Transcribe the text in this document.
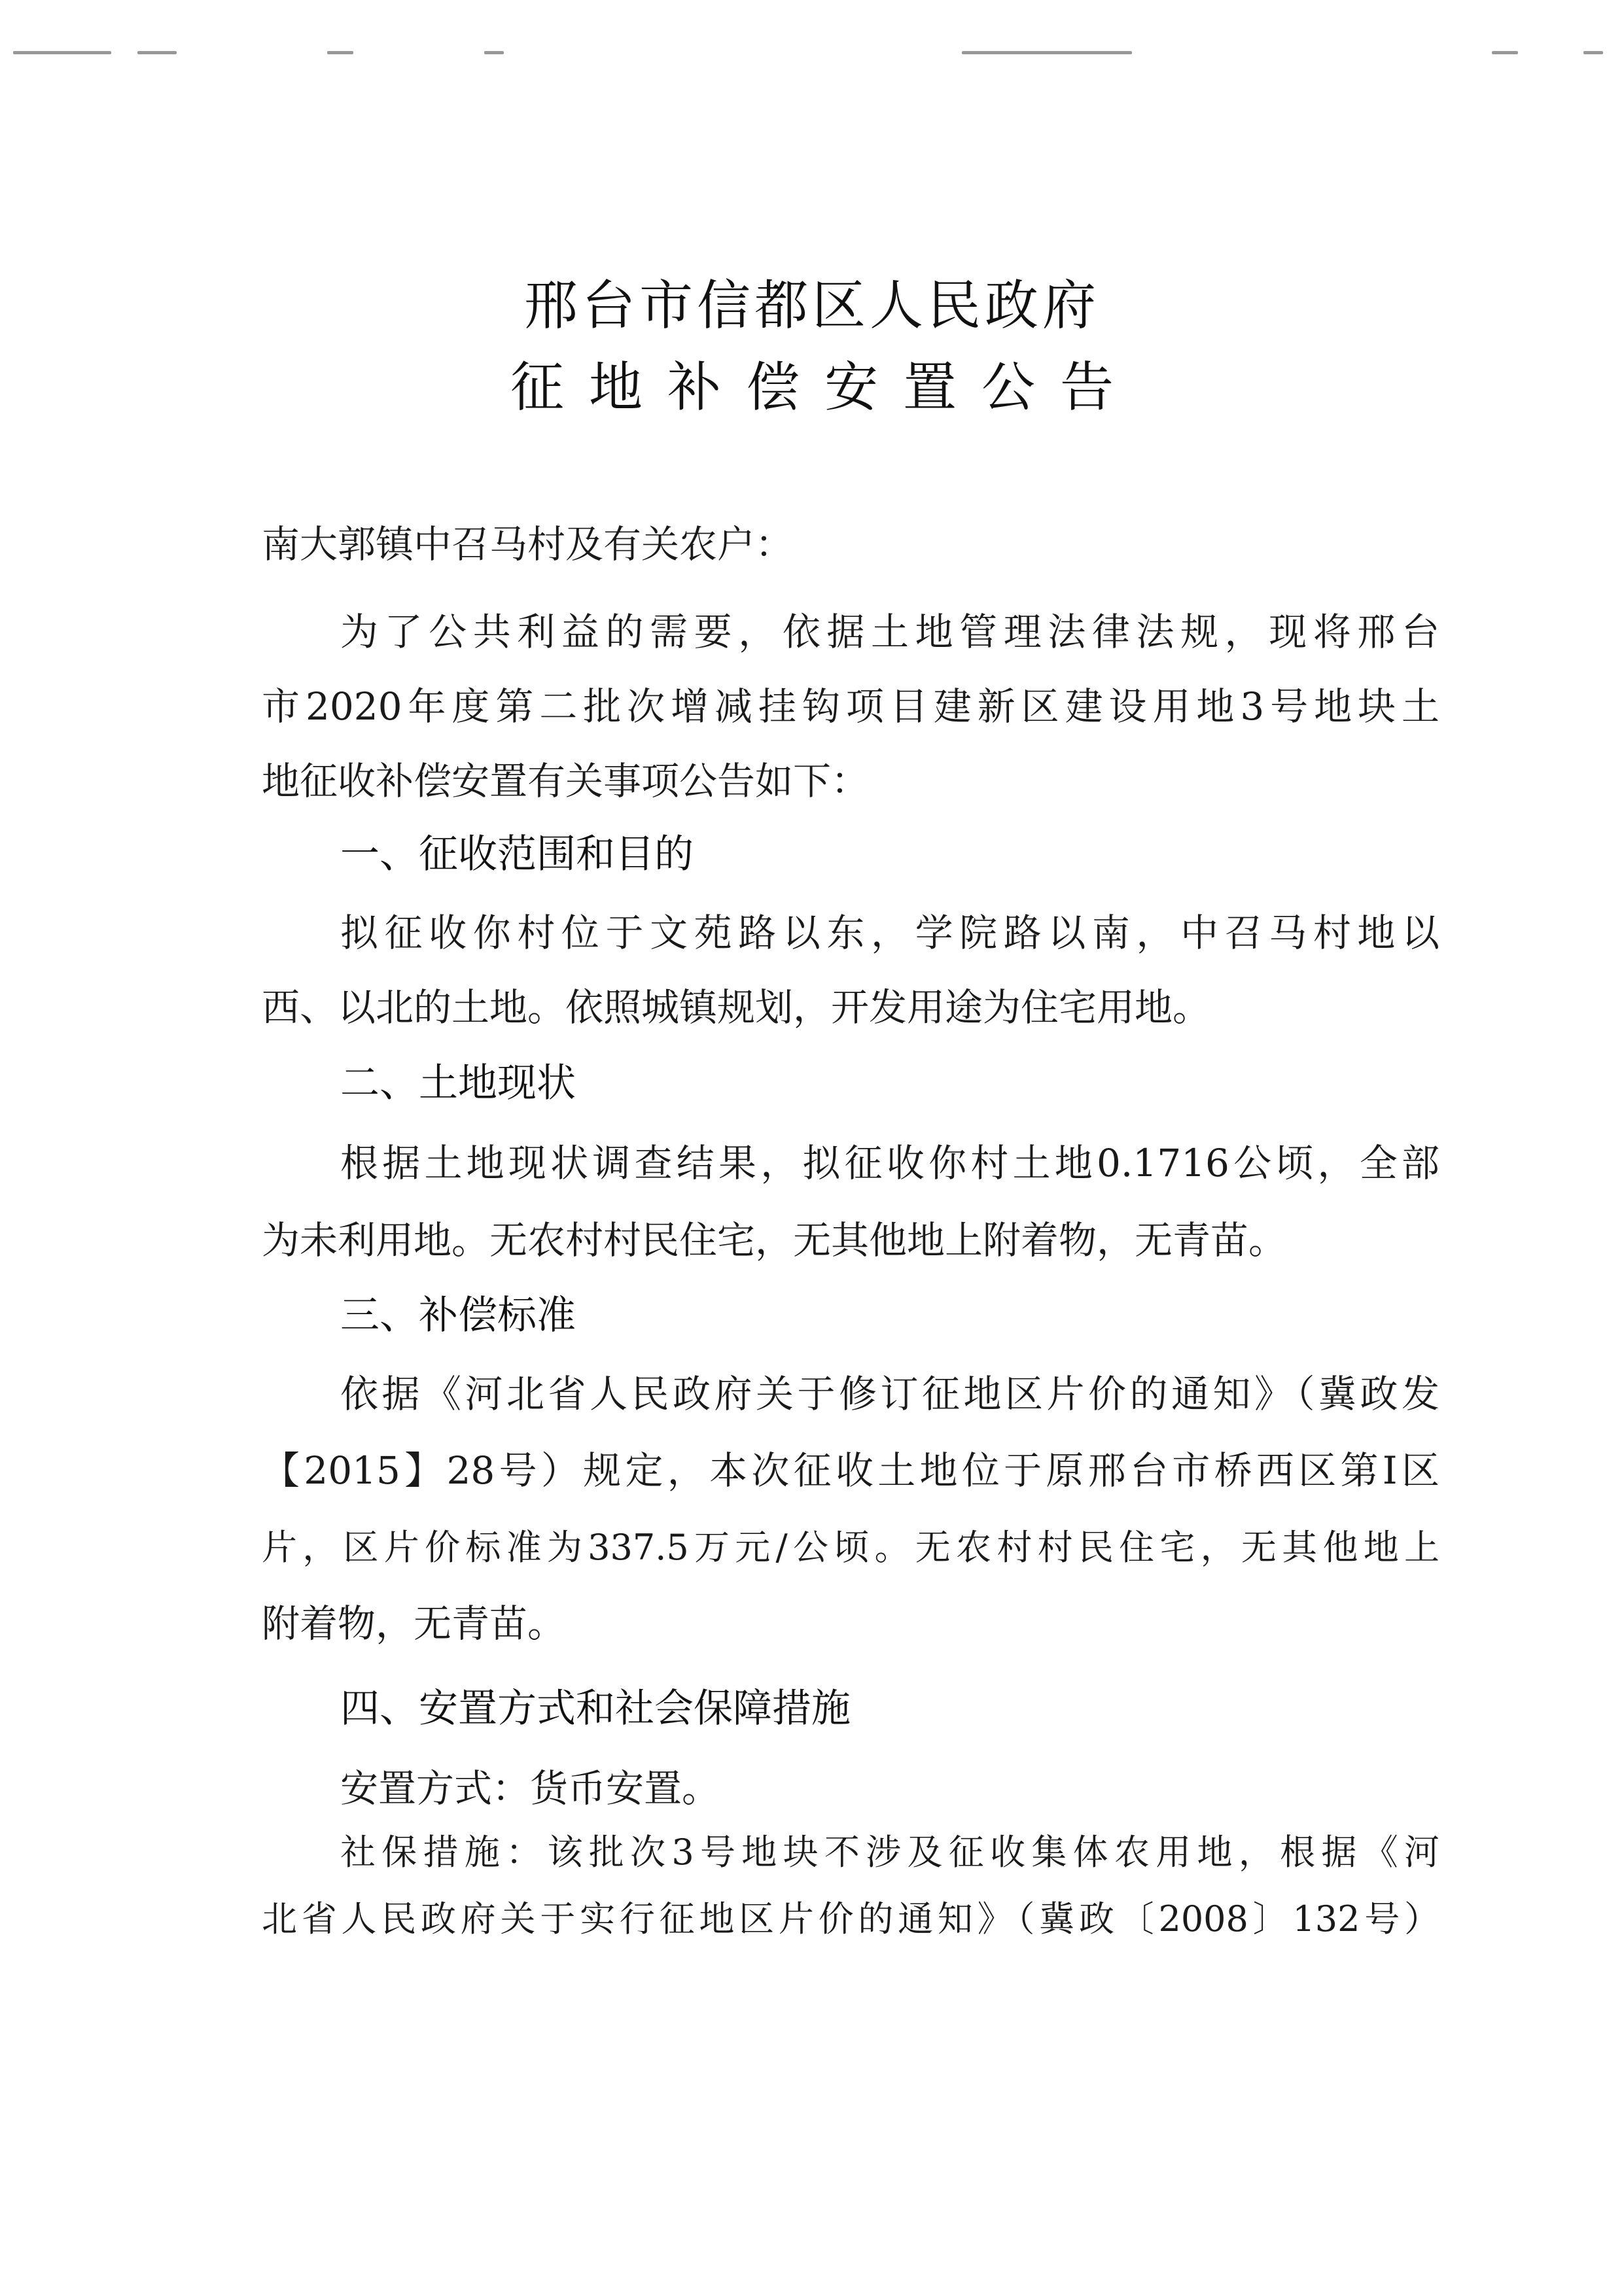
邢台市信都区人民政府
征地补偿安置公告
南大郭镇中召马村及有关农户：
为了公共利益的需要，依据土地管理法律法规，现将邢台
市2020年度第二批次增减挂钩项目建新区建设用地3号地块土
地征收补偿安置有关事项公告如下：
一、征收范围和目的
拟征收你村位于文苑路以东，学院路以南，中召马村地以
西、以北的土地。依照城镇规划，开发用途为住宅用地。
二、土地现状
根据土地现状调查结果，拟征收你村土地0.1716公顷，全部
为未利用地。无农村村民住宅，无其他地上附着物，无青苗。
三、补偿标准
依据《河北省人民政府关于修订征地区片价的通知》（冀政发
【2015】28号）规定，本次征收土地位于原邢台市桥西区第Ⅰ区
片，区片价标准为337.5万元/公顷。无农村村民住宅，无其他地上
附着物，无青苗。
四、安置方式和社会保障措施
安置方式：货币安置。
社保措施：该批次3号地块不涉及征收集体农用地，根据《河
北省人民政府关于实行征地区片价的通知》（冀政〔2008〕132号）
